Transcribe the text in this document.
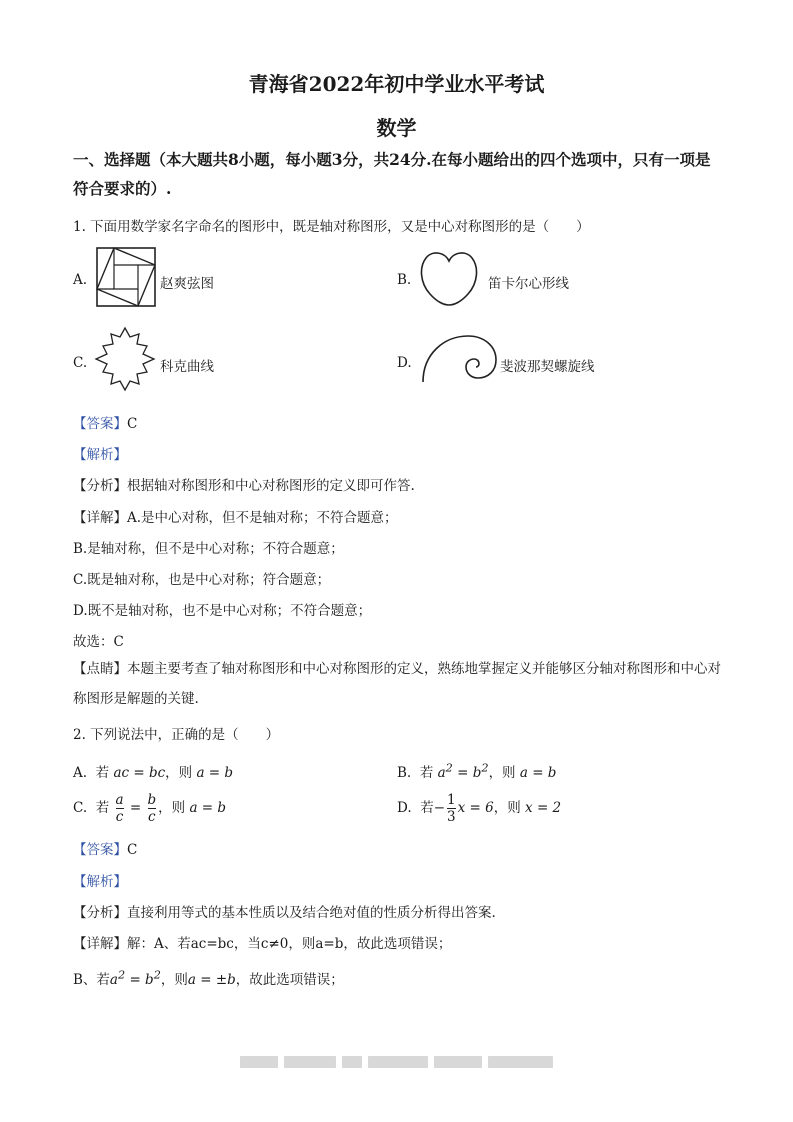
青海省2022年初中学业水平考试
数学
一、选择题（本大题共8小题，每小题3分，共24分.在每小题给出的四个选项中，只有一项是符合要求的）.
1. 下面用数学家名字命名的图形中，既是轴对称图形，又是中心对称图形的是（　　）
A.	赵爽弦图	B.	笛卡尔心形线
C.	科克曲线	D.	斐波那契螺旋线
【答案】C
【解析】
【分析】根据轴对称图形和中心对称图形的定义即可作答.
【详解】A.是中心对称，但不是轴对称；不符合题意；
B.是轴对称，但不是中心对称；不符合题意；
C.既是轴对称，也是中心对称；符合题意；
D.既不是轴对称，也不是中心对称；不符合题意；
故选：C
【点睛】本题主要考查了轴对称图形和中心对称图形的定义，熟练地掌握定义并能够区分轴对称图形和中心对称图形是解题的关键.
2. 下列说法中，正确的是（　　）
A. 若 ac = bc，则 a = b	B. 若 $a^2 = b^2$，则 a = b
C. 若 $\frac{a}{c} = \frac{b}{c}$ ，则 a = b	D. 若− $\frac{1}{3}$ x = 6，则 x = 2
【答案】C
【解析】
【分析】直接利用等式的基本性质以及结合绝对值的性质分析得出答案.
【详解】解：A、若ac=bc，当c≠0，则a=b，故此选项错误；
B、若$a^2 = b^2$，则a = ±b，故此选项错误；
